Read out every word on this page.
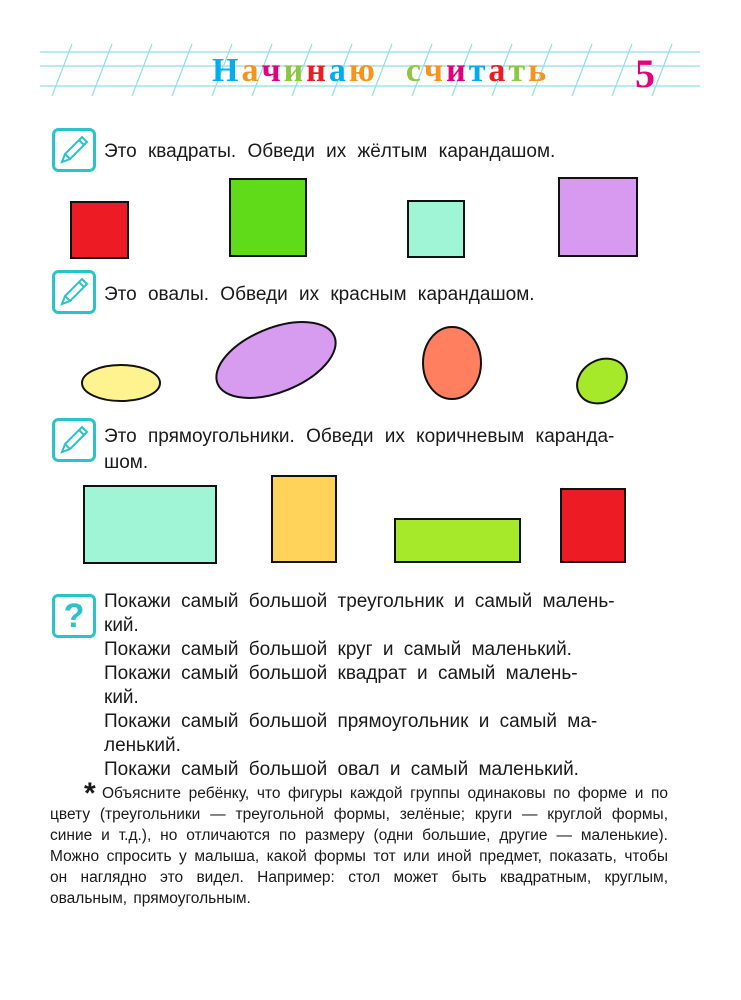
Начинаю считать 5
Это квадраты. Обведи их жёлтым карандашом.
Это овалы. Обведи их красным карандашом.
Это прямоугольники. Обведи их коричневым каранда-
шом.
?	Покажи самый большой треугольник и самый малень-
кий.
Покажи самый большой круг и самый маленький.
Покажи самый большой квадрат и самый малень-
кий.
Покажи самый большой прямоугольник и самый ма-
ленький.
Покажи самый большой овал и самый маленький.
* Объясните ребёнку, что фигуры каждой группы одинаковы по форме и по цвету (треугольники — треугольной формы, зелёные; круги — круглой формы, синие и т.д.), но отличаются по размеру (одни большие, другие — маленькие). Можно спросить у малыша, какой формы тот или иной предмет, показать, чтобы он наглядно это видел. Например: стол может быть квадратным, круглым, овальным, прямоугольным.
